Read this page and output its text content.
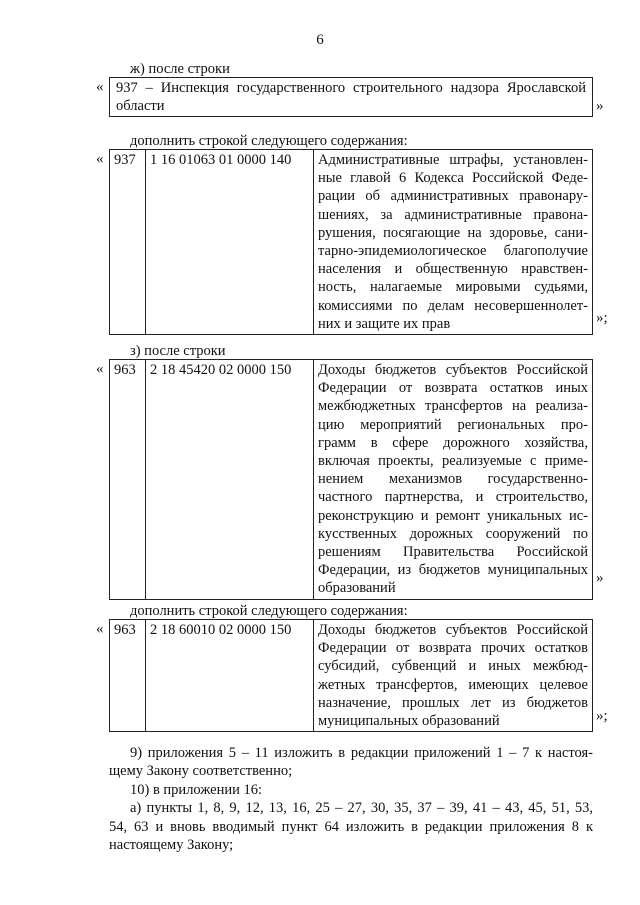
6
ж) после строки
« 937 – Инспекция государственного строительного надзора Ярославской
области	»
дополнить строкой следующего содержания:
« 937	1 16 01063 01 0000 140	Административные штрафы, установлен-
ные главой 6 Кодекса Российской Феде-
рации об административных правонару-
шениях, за административные правона-
рушения, посягающие на здоровье, сани-
тарно-эпидемиологическое благополучие
населения и общественную нравствен-
ность, налагаемые мировыми судьями,
комиссиями по делам несовершеннолет-
них и защите их прав	»;
з) после строки
« 963	2 18 45420 02 0000 150	Доходы бюджетов субъектов Российской
Федерации от возврата остатков иных
межбюджетных трансфертов на реализа-
цию мероприятий региональных про-
грамм в сфере дорожного хозяйства,
включая проекты, реализуемые с приме-
нением механизмов государственно-
частного партнерства, и строительство,
реконструкцию и ремонт уникальных ис-
кусственных дорожных сооружений по
решениям Правительства Российской
Федерации, из бюджетов муниципальных
образований
»
дополнить строкой следующего содержания:
« 963	2 18 60010 02 0000 150	Доходы бюджетов субъектов Российской
Федерации от возврата прочих остатков
субсидий, субвенций и иных межбюд-
жетных трансфертов, имеющих целевое
назначение, прошлых лет из бюджетов
муниципальных образований	»;
9) приложения 5 – 11 изложить в редакции приложений 1 – 7 к настоя-
щему Закону соответственно;
10) в приложении 16:
а) пункты 1, 8, 9, 12, 13, 16, 25 – 27, 30, 35, 37 – 39, 41 – 43, 45, 51, 53,
54, 63 и вновь вводимый пункт 64 изложить в редакции приложения 8 к
настоящему Закону;
